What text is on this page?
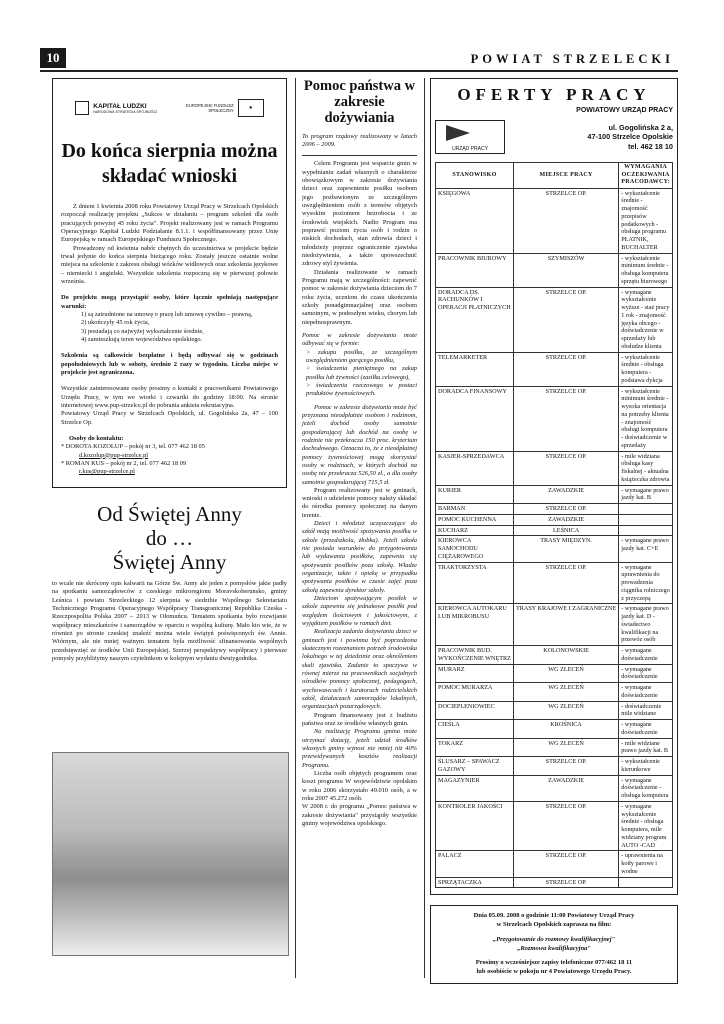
10	POWIAT STRZELECKI
KAPITAŁ LUDZKI
NARODOWA STRATEGIA SPÓJNOŚCI
EUROPEJSKI FUNDUSZ SPOŁECZNY	★
Do końca sierpnia można składać wnioski

Z dniem 1 kwietnia 2008 roku Powiatowy Urząd Pracy w Strzelcach Opolskich rozpoczął realizację projektu „Sukces w działaniu – program szkoleń dla osób pracujących powyżej 45 roku życia". Projekt realizowany jest w ramach Programu Operacyjnego Kapitał Ludzki Podziałanie 8.1.1. i współfinansowany przez Unię Europejską w ramach Europejskiego Funduszu Społecznego.

Prowadzony od kwietnia nabór chętnych do uczestnictwa w projekcie będzie trwał jedynie do końca sierpnia bieżącego roku. Zostały jeszcze ostatnie wolne miejsca na szkolenie z zakresu obsługi wózków widłowych oraz szkolenia językowe – niemiecki i angielski. Wszystkie szkolenia rozpoczną się w pierwszej połowie września.

Do projektu mogą przystąpić osoby, które łącznie spełniają następujące warunki:

1) są zatrudnione na umowę o pracę lub umowę cywilno – prawną,

2) ukończyły 45 rok życia,

3) posiadają co najwyżej wykształcenie średnie,

4) zamieszkują teren województwa opolskiego.

Szkolenia są całkowicie bezpłatne i będą odbywać się w godzinach popołudniowych lub w soboty, średnio 2 razy w tygodniu. Liczba miejsc w projekcie jest ograniczona.

Wszystkie zainteresowane osoby prosimy o kontakt z pracownikami Powiatowego Urzędu Pracy, w tym we wtorki i czwartki do godziny 18:00. Na stronie internetowej www.pup-strzelce.pl do pobrania ankieta rekrutacyjna.

Powiatowy Urząd Pracy w Strzelcach Opolskich, ul. Gogolińska 2a, 47 – 100 Strzelce Op.

Osoby do kontaktu:

* DOROTA KOZOLUP – pokój nr 3, tel. 077 462 18 05

d.kozolup@pup-strzelce.pl

* ROMAN KUS – pokój nr 2, tel. 077 462 18 09

r.kus@pup-strzelce.pl

Od Świętej Anny
do …
Świętej Anny

to wcale nie skrócony opis kalwarii na Górze Św. Anny ale jeden z pomysłów jakie padły na spotkaniu samorządowców z czeskiego mikroregionu Moravskoberunsko, gminy Leśnica i powiatu Strzeleckiego 12 sierpnia w siedzibie Wspólnego Sekretariatu Technicznego Programu Operacyjnego Współpracy Transgranicznej Republika Czeska - Rzeczpospolita Polska 2007 – 2013 w Ołomuńcu. Tematem spotkania było rozwijanie współpracy mieszkańców i samorządów w oparciu o wspólną kulturę. Mało kto wie, że w również po stronie czeskiej znaleźć można wiele świątyń poświęconych św. Annie. Wtórnym, ale nie mniej ważnym tematem była możliwość sfinansowania wspólnych przedsięwzięć ze środków Unii Europejskiej. Szerzej perspektywy współpracy i pierwsze pomysły przybliżymy naszym czytelnikom w kolejnym wydaniu dwutygodnika.

Pomoc państwa w zakresie dożywiania

To program rządowy realizowany w latach 2006 – 2009.

Celem Programu jest wsparcie gmin w wypełnianiu zadań własnych o charakterze obowiązkowym w zakresie dożywiania dzieci oraz zapewnienie posiłku osobom jego pozbawionym ze szczególnym uwzględnieniem osób z terenów objętych wysokim poziomem bezrobocia i ze środowisk wiejskich. Nadto Program ma poprawić poziom życia osób i rodzin o niskich dochodach, stan zdrowia dzieci i młodzieży poprzez ograniczenie zjawiska niedożywienia, a także upowszechnić zdrowy styl żywienia.

Działania realizowane w ramach Programu mają w szczególności: zapewnić pomoc w zakresie dożywiania dzieciom do 7 roku życia, uczniom do czasu ukończenia szkoły ponadgimnazjalnej oraz osobom samotnym, w podeszłym wieku, chorym lub niepełnosprawnym.

Pomoc w zakresie dożywiania może odbywać się w formie:

> zakupu posiłku, ze szczególnym uwzględnieniem gorącego posiłku,

> świadczenia pieniężnego na zakup posiłku lub żywności (zasiłku celowego),

> świadczenia rzeczowego w postaci produktów żywnościowych.

Pomoc w zakresie dożywiania może być przyznana nieodpłatnie osobom i rodzinom, jeżeli dochód osoby samotnie gospodarującej lub dochód na osobę w rodzinie nie przekracza 150 proc. kryterium dochodowego. Oznacza to, że z nieodpłatnej pomocy żywnościowej mogą skorzystać osoby w rodzinach, w których dochód na osobę nie przekracza 526,50 zł., a dla osoby samotnie gospodarującej 715,5 zł.

Program realizowany jest w gminach, wnioski o udzielenie pomocy należy składać do ośrodka pomocy społecznej na danym terenie.

Dzieci i młodzież uczęszczające do szkół mają możliwość spożywania posiłku w szkole (przedszkolu, żłobku). Jeżeli szkoła nie posiada warunków do przygotowania lub wydawania posiłków, zapewnia się spożywanie posiłków poza szkołą. Władze organizacje, także i opiekę w przypadku spożywania posiłków w czasie zajęć poza szkołą zapewnia dyrektor szkoły.

Dzieciom spożywającym posiłek w szkole zapewnia się jednakowe posiłki pod względem ilościowym i jakościowym, z wyjątkiem posiłków w ramach diet.

Realizacja zadania dożywiania dzieci w gminach jest i powinna być poprzedzona skutecznym rozeznaniem potrzeb środowiska lokalnego w tej dziedzinie oraz określeniem skali zjawiska. Zadanie to spoczywa w równej mierze na pracownikach socjalnych ośrodków pomocy społecznej, pedagogach, wychowawcach i kuratorach rodzicielskich szkół, działaczach samorządów lokalnych, organizacjach pozarządowych.

Program finansowany jest z budżetu państwa oraz ze środków własnych gmin.

Na realizację Programu gmina może otrzymać dotację, jeżeli udział środków własnych gminy wynosi nie mniej niż 40% przewidywanych kosztów realizacji Programu.

Liczba osób objętych programem oraz koszt programu W województwie opolskim w roku 2006 skorzystało 49.010 osób, a w roku 2007 45.272 osób.

W 2008 r. do programu „Pomoc państwa w zakresie dożywiania" przystąpiły wszystkie gminy województwa opolskiego.

OFERTY PRACY
POWIATOWY URZĄD PRACY
URZĄD PRACY
ul. Gogolińska 2 a,
47-100 Strzelce Opolskie
tel. 462 18 10
STANOWISKO	MIEJSCE PRACY	WYMAGANIA OCZEKIWANIA PRACODAWCY:
KSIĘGOWA	STRZELCE OP.	- wykształcenie średnie - znajomość przepisów podatkowych - obsługa programu PŁATNIK, BUCHALTER
PRACOWNIK BIUROWY	SZYMISZÓW	- wykształcenie minimum średnie - obsługa komputera sprzętu biurowego
DORADCA DS. RACHUNKÓW I OPERACJI PŁATNICZYCH	STRZELCE OP.	- wymagane wykształcenie wyższe - staż pracy 1 rok - znajomość języka obcego - doświadczenie w sprzedaży lub obsłudze klienta
TELEMARKETER	STRZELCE OP.	- wykształcenie średnie - obsługa komputera - podstawa dykcja
DORADCA FINANSOWY	STRZELCE OP.	- wykształcenie minimum średnie - wysoka orientacja na potrzeby klienta - znajomość obsługi komputera - doświadczenie w sprzedaży
KASJER-SPRZEDAWCA	STRZELCE OP.	- mile widziana obsługa kasy fiskalnej - aktualna książeczka zdrowia
KURIER	ZAWADZKIE	- wymagane prawo jazdy kat. B
BARMAN	STRZELCE OP.	
POMOC KUCHENNA	ZAWADZKIE	
KUCHARZ	LEŚNICA	
KIEROWCA SAMOCHODU CIĘŻAROWEGO	TRASY MIĘDZYN.	- wymagane prawo jazdy kat. C+E
TRAKTORZYSTA	STRZELCE OP.	- wymagane uprawnienia do prowadzenia ciągnika rolniczego z przyczepą
KIEROWCA AUTOKARU LUB MIKROBUSU	TRASY KRAJOWE I ZAGRANICZNE	- wymagane prawo jazdy kat. D - świadectwo kwalifikacji na przewóz osób
PRACOWNIK BUD. WYKOŃCZENIE WNĘTRZ	KOLONOWSKIE	- wymagane doświadczenie
MURARZ	WG ZLECEŃ	- wymagane doświadczenie
POMOC MURARZA	WG ZLECEŃ	- wymagane doświadczenie
DOCIEPLENIOWIEC	WG ZLECEŃ	- doświadczenie mile widziane
CIEŚLA	KROŚNICA	- wymagane doświadczenie
TOKARZ	WG ZLECEŃ	- mile widziane prawo jazdy kat. B
ŚLUSARZ – SPAWACZ GAZOWY	STRZELCE OP.	- wykształcenie kierunkowe
MAGAZYNIER	ZAWADZKIE	- wymagane doświadczenie - obsługa komputera
KONTROLER JAKOŚCI	STRZELCE OP.	- wymagane wykształcenie średnie - obsługa komputera, mile widziany program AUTO -CAD
PALACZ	STRZELCE OP.	- uprawnienia na kotły parowe i wodne
SPRZĄTACZKA	STRZELCE OP.	
Dnia 05.09. 2008 o godzinie 11:00 Powiatowy Urząd Pracy
w Strzelcach Opolskich zaprasza na film:
„Przygotowanie do rozmowy kwalifikacyjnej"
„Rozmowa kwalifikacyjna"
Prosimy o wcześniejsze zapisy telefoniczne 077/462 18 11
lub osobiście w pokoju nr 4 Powiatowego Urzędu Pracy.
